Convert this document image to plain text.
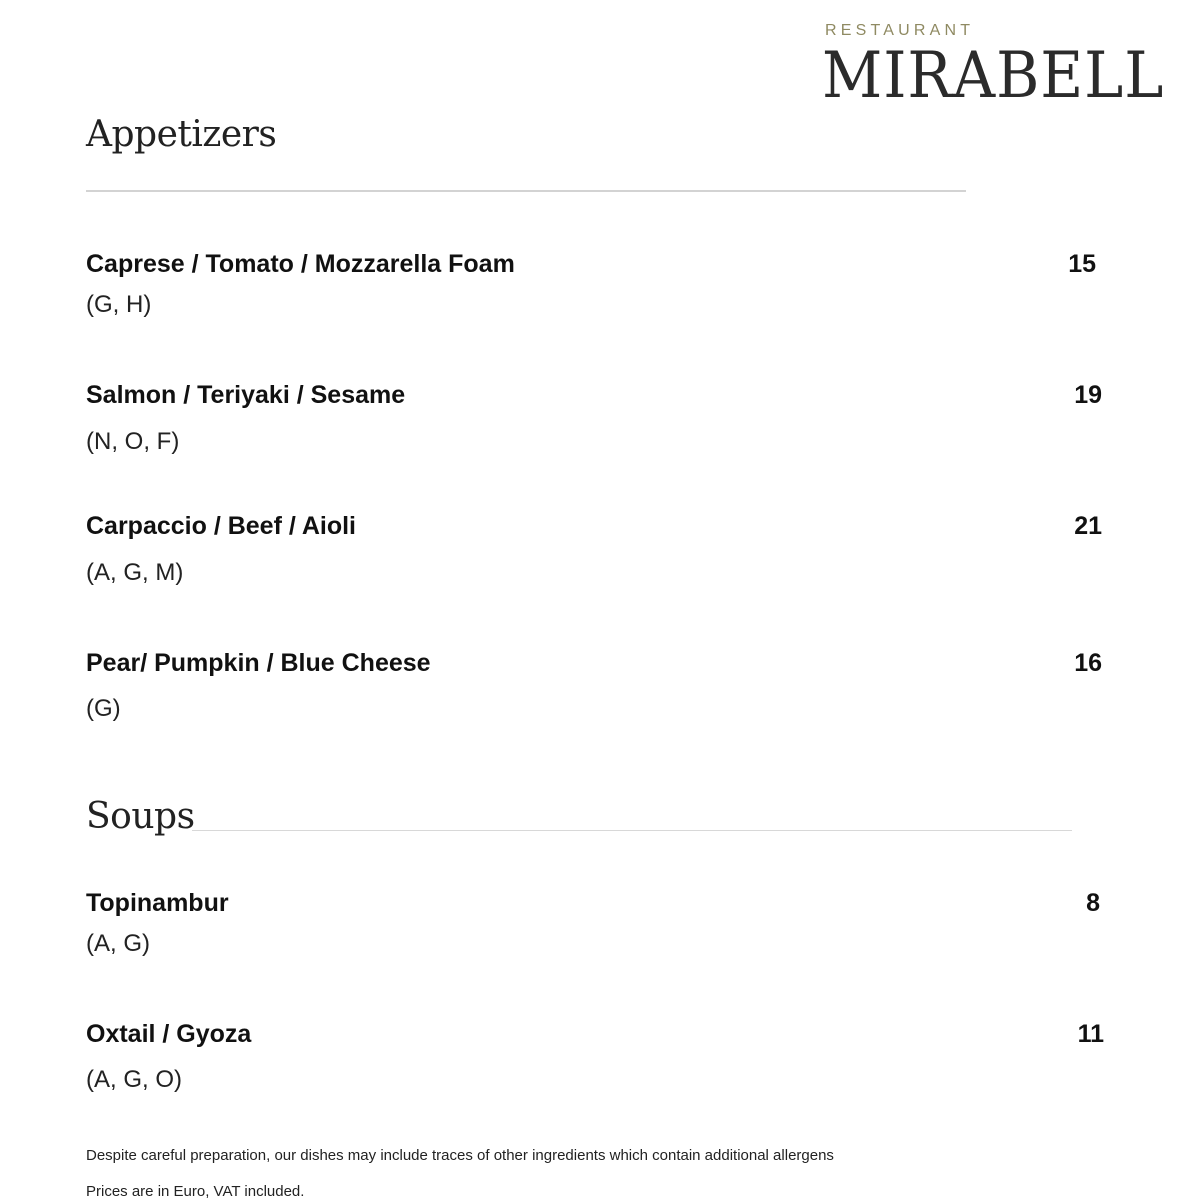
RESTAURANT

MIRABELL

Appetizers

Caprese / Tomato / Mozzarella Foam	15

(G, H)

Salmon / Teriyaki / Sesame	19

(N, O, F)

Carpaccio / Beef / Aioli	21

(A, G, M)

Pear/ Pumpkin / Blue Cheese	16

(G)

Soups

Topinambur	8

(A, G)

Oxtail / Gyoza	11

(A, G, O)

Despite careful preparation, our dishes may include traces of other ingredients which contain additional allergens

Prices are in Euro, VAT included.
